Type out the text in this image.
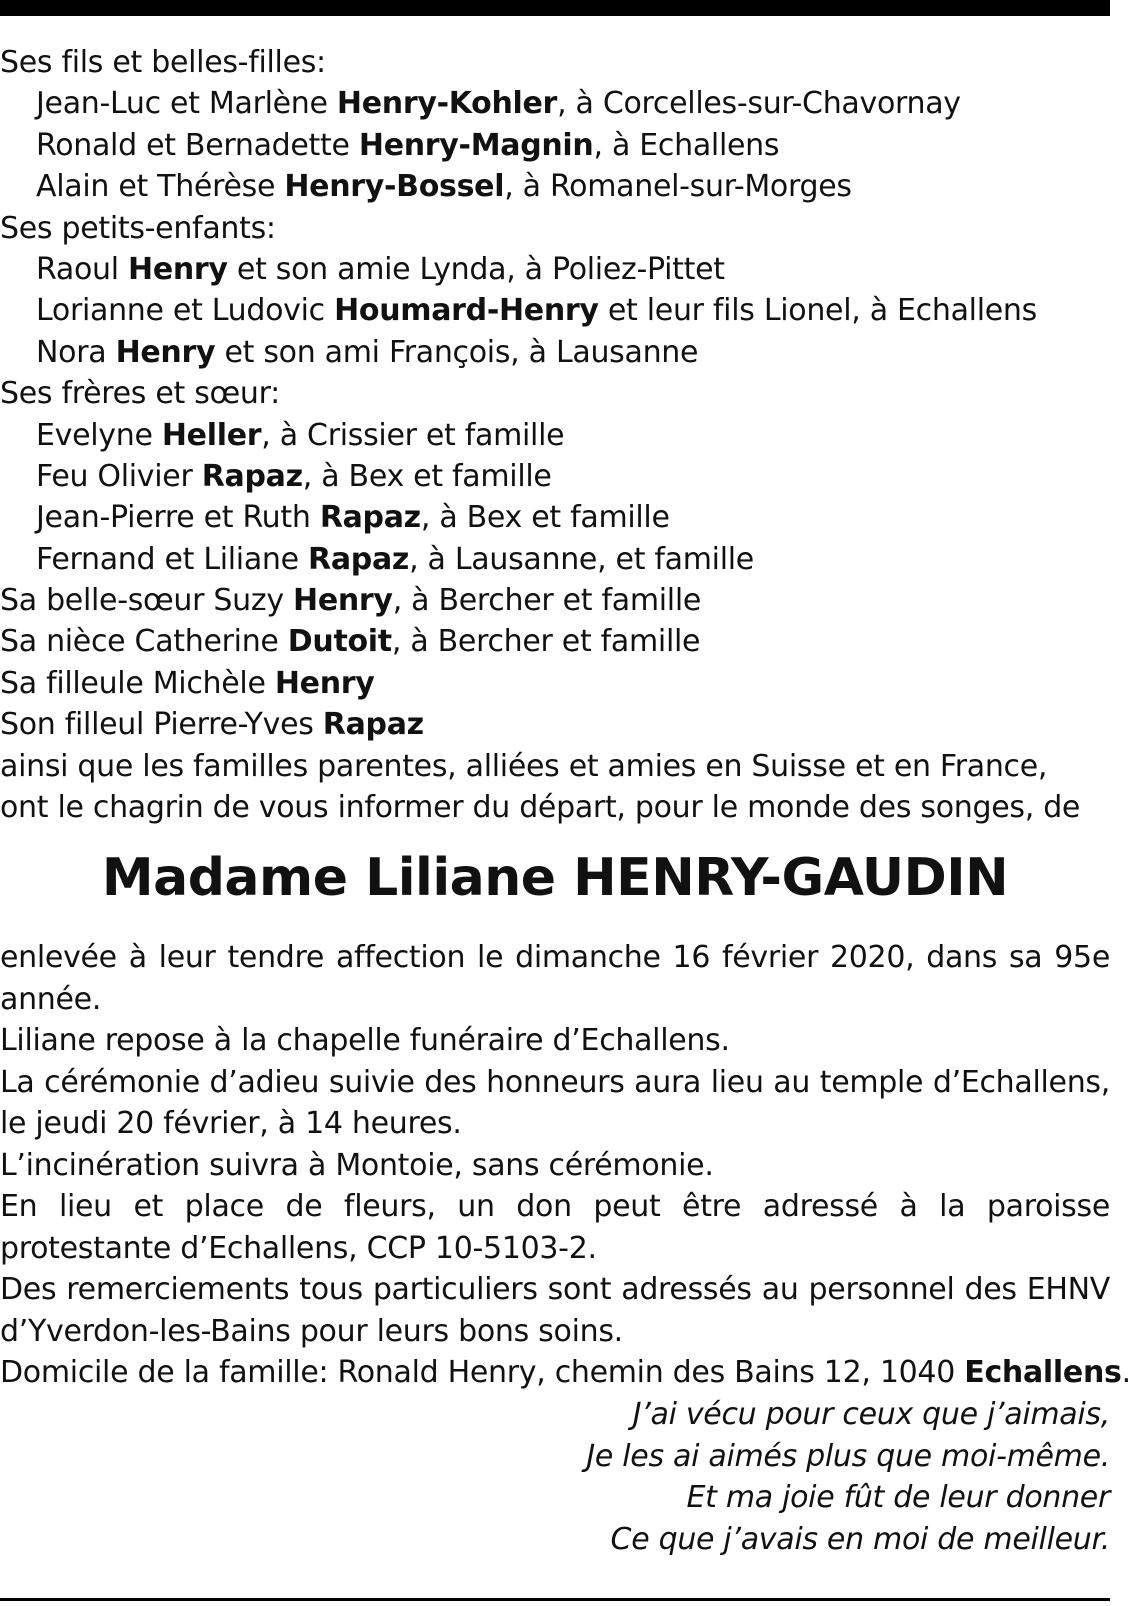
Ses fils et belles-filles:
Jean-Luc et Marlène Henry-Kohler, à Corcelles-sur-Chavornay
Ronald et Bernadette Henry-Magnin, à Echallens
Alain et Thérèse Henry-Bossel, à Romanel-sur-Morges
Ses petits-enfants:
Raoul Henry et son amie Lynda, à Poliez-Pittet
Lorianne et Ludovic Houmard-Henry et leur fils Lionel, à Echallens
Nora Henry et son ami François, à Lausanne
Ses frères et sœur:
Evelyne Heller, à Crissier et famille
Feu Olivier Rapaz, à Bex et famille
Jean-Pierre et Ruth Rapaz, à Bex et famille
Fernand et Liliane Rapaz, à Lausanne, et famille
Sa belle-sœur Suzy Henry, à Bercher et famille
Sa nièce Catherine Dutoit, à Bercher et famille
Sa filleule Michèle Henry
Son filleul Pierre-Yves Rapaz
ainsi que les familles parentes, alliées et amies en Suisse et en France,
ont le chagrin de vous informer du départ, pour le monde des songes, de
Madame Liliane HENRY-GAUDIN
enlevée à leur tendre affection le dimanche 16 février 2020, dans sa 95e année.
Liliane repose à la chapelle funéraire d’Echallens.
La cérémonie d’adieu suivie des honneurs aura lieu au temple d’Echallens, le jeudi 20 février, à 14 heures.
L’incinération suivra à Montoie, sans cérémonie.
En lieu et place de fleurs, un don peut être adressé à la paroisse protestante d’Echallens, CCP 10-5103-2.
Des remerciements tous particuliers sont adressés au personnel des EHNV d’Yverdon-les-Bains pour leurs bons soins.
Domicile de la famille: Ronald Henry, chemin des Bains 12, 1040 Echallens.
J’ai vécu pour ceux que j’aimais,
Je les ai aimés plus que moi-même.
Et ma joie fût de leur donner
Ce que j’avais en moi de meilleur.
